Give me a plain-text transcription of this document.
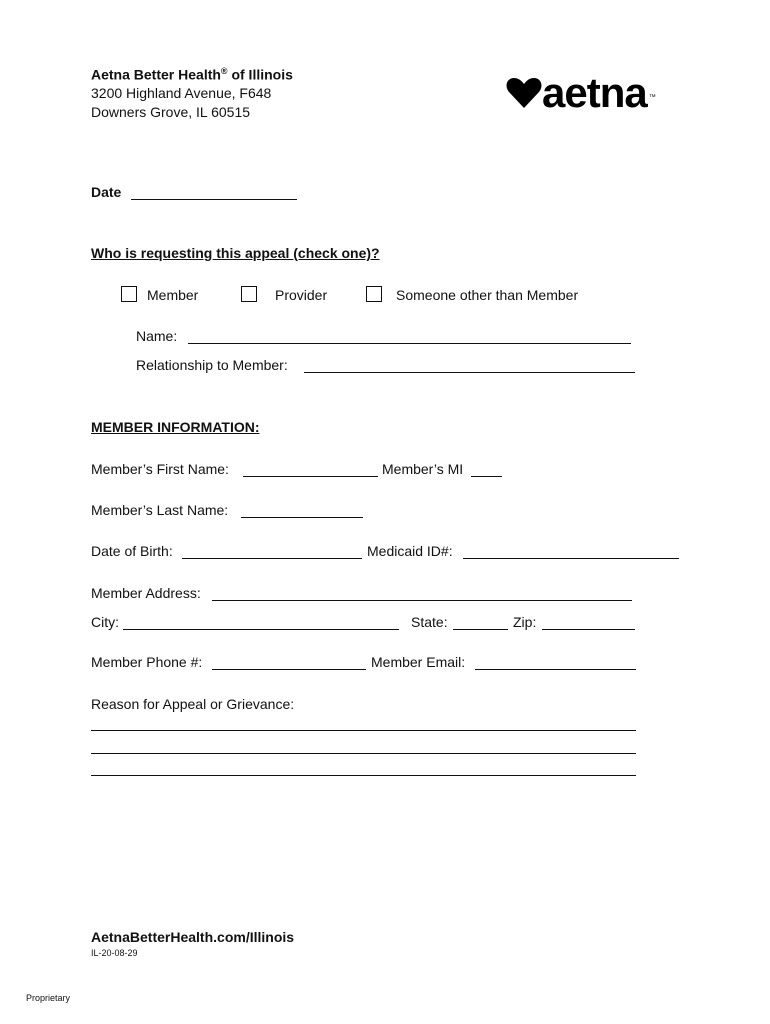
Aetna Better Health® of Illinois
3200 Highland Avenue, F648
Downers Grove, IL 60515	aetna ™
Date
Who is requesting this appeal (check one)?
Member	Provider	Someone other than Member
Name:
Relationship to Member:
MEMBER INFORMATION:
Member’s First Name:	Member’s MI
Member’s Last Name:
Date of Birth:	Medicaid ID#:
Member Address:
City:	State:	Zip:
Member Phone #:	Member Email:
Reason for Appeal or Grievance:
AetnaBetterHealth.com/Illinois
IL-20-08-29
Proprietary
